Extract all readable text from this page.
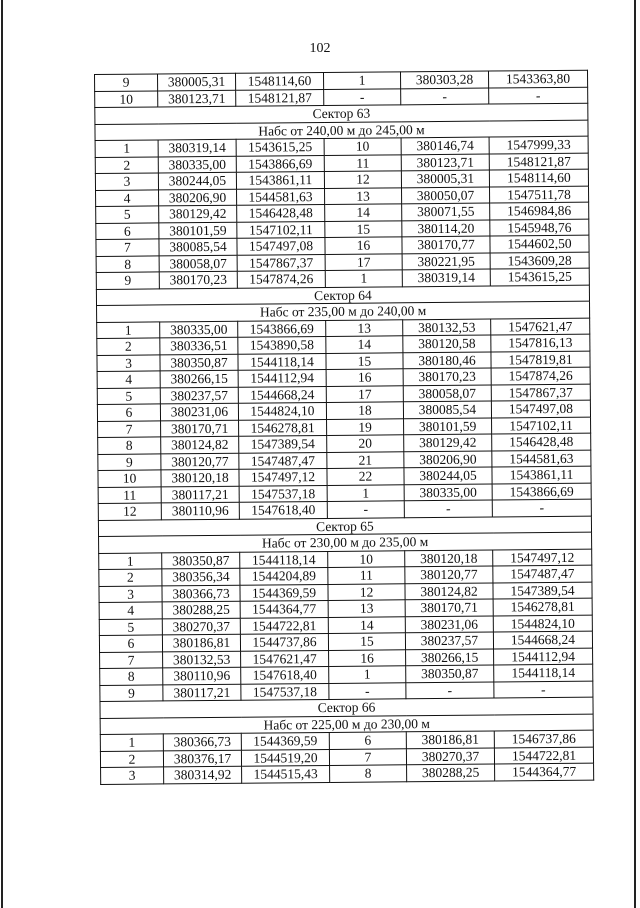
102
9	380005,31	1548114,60	1	380303,28	1543363,80
10	380123,71	1548121,87	-	-	-
Сектор 63					
Набс от 240,00 м до 245,00 м					
1	380319,14	1543615,25	10	380146,74	1547999,33
2	380335,00	1543866,69	11	380123,71	1548121,87
3	380244,05	1543861,11	12	380005,31	1548114,60
4	380206,90	1544581,63	13	380050,07	1547511,78
5	380129,42	1546428,48	14	380071,55	1546984,86
6	380101,59	1547102,11	15	380114,20	1545948,76
7	380085,54	1547497,08	16	380170,77	1544602,50
8	380058,07	1547867,37	17	380221,95	1543609,28
9	380170,23	1547874,26	1	380319,14	1543615,25
Сектор 64					
Набс от 235,00 м до 240,00 м					
1	380335,00	1543866,69	13	380132,53	1547621,47
2	380336,51	1543890,58	14	380120,58	1547816,13
3	380350,87	1544118,14	15	380180,46	1547819,81
4	380266,15	1544112,94	16	380170,23	1547874,26
5	380237,57	1544668,24	17	380058,07	1547867,37
6	380231,06	1544824,10	18	380085,54	1547497,08
7	380170,71	1546278,81	19	380101,59	1547102,11
8	380124,82	1547389,54	20	380129,42	1546428,48
9	380120,77	1547487,47	21	380206,90	1544581,63
10	380120,18	1547497,12	22	380244,05	1543861,11
11	380117,21	1547537,18	1	380335,00	1543866,69
12	380110,96	1547618,40	-	-	-
Сектор 65					
Набс от 230,00 м до 235,00 м					
1	380350,87	1544118,14	10	380120,18	1547497,12
2	380356,34	1544204,89	11	380120,77	1547487,47
3	380366,73	1544369,59	12	380124,82	1547389,54
4	380288,25	1544364,77	13	380170,71	1546278,81
5	380270,37	1544722,81	14	380231,06	1544824,10
6	380186,81	1544737,86	15	380237,57	1544668,24
7	380132,53	1547621,47	16	380266,15	1544112,94
8	380110,96	1547618,40	1	380350,87	1544118,14
9	380117,21	1547537,18	-	-	-
Сектор 66					
Набс от 225,00 м до 230,00 м					
1	380366,73	1544369,59	6	380186,81	1546737,86
2	380376,17	1544519,20	7	380270,37	1544722,81
3	380314,92	1544515,43	8	380288,25	1544364,77
